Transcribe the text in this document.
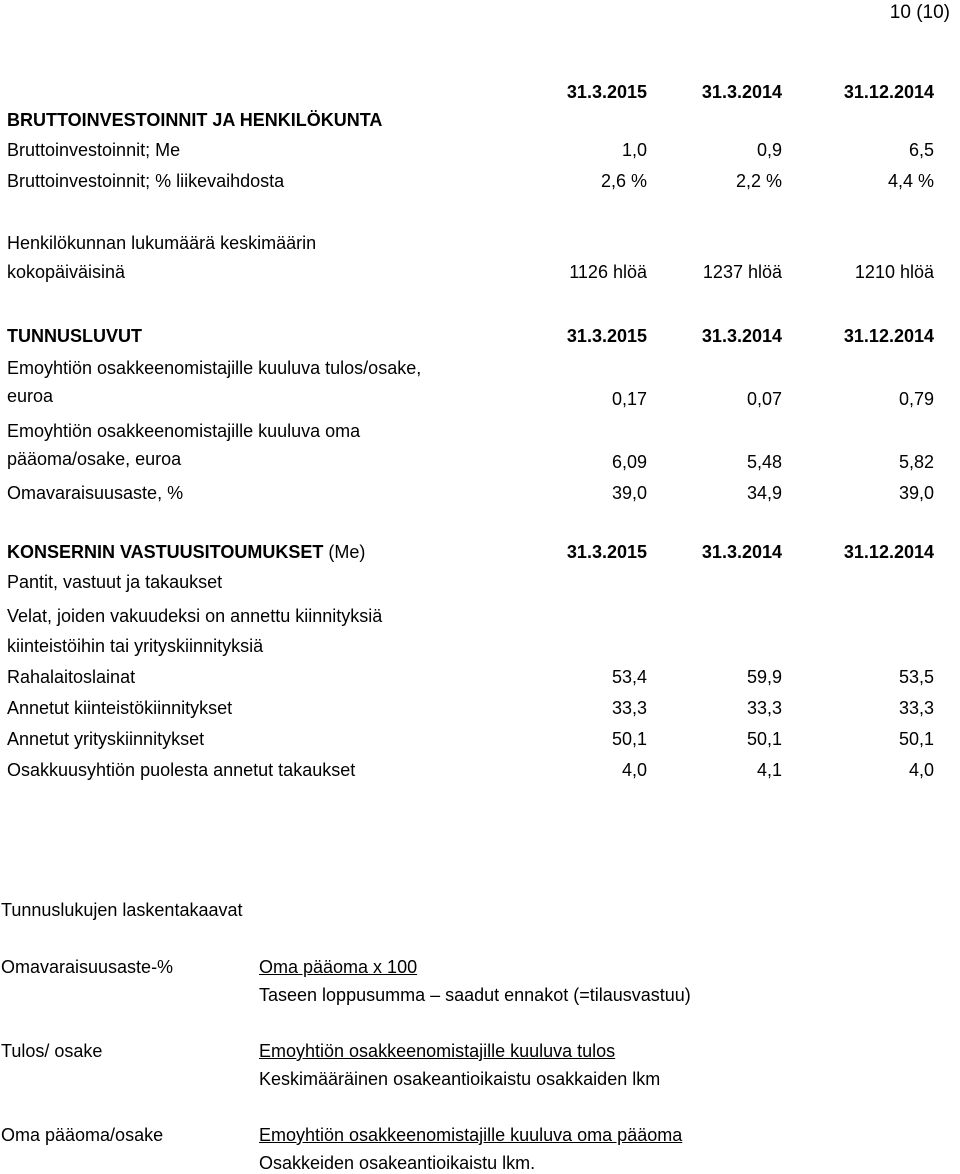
10 (10)
31.3.2015	31.3.2014	31.12.2014
BRUTTOINVESTOINNIT JA HENKILÖKUNTA
Bruttoinvestoinnit; Me	1,0	0,9	6,5
Bruttoinvestoinnit; % liikevaihdosta	2,6 %	2,2 %	4,4 %
Henkilökunnan lukumäärä keskimäärin
kokopäiväisinä	1126 hlöä	1237 hlöä	1210 hlöä
TUNNUSLUVUT	31.3.2015	31.3.2014	31.12.2014
Emoyhtiön osakkeenomistajille kuuluva tulos/osake,
euroa	0,17	0,07	0,79
Emoyhtiön osakkeenomistajille kuuluva oma
pääoma/osake, euroa	6,09	5,48	5,82
Omavaraisuusaste, %	39,0	34,9	39,0
KONSERNIN VASTUUSITOUMUKSET (Me)	31.3.2015	31.3.2014	31.12.2014
Pantit, vastuut ja takaukset
Velat, joiden vakuudeksi on annettu kiinnityksiä
kiinteistöihin tai yrityskiinnityksiä
Rahalaitoslainat	53,4	59,9	53,5
Annetut kiinteistökiinnitykset	33,3	33,3	33,3
Annetut yrityskiinnitykset	50,1	50,1	50,1
Osakkuusyhtiön puolesta annetut takaukset	4,0	4,1	4,0
Tunnuslukujen laskentakaavat
Omavaraisuusaste-%	Oma pääoma x 100
Taseen loppusumma – saadut ennakot (=tilausvastuu)
Tulos/ osake	Emoyhtiön osakkeenomistajille kuuluva tulos
Keskimääräinen osakeantioikaistu osakkaiden lkm
Oma pääoma/osake	Emoyhtiön osakkeenomistajille kuuluva oma pääoma
Osakkeiden osakeantioikaistu lkm.
